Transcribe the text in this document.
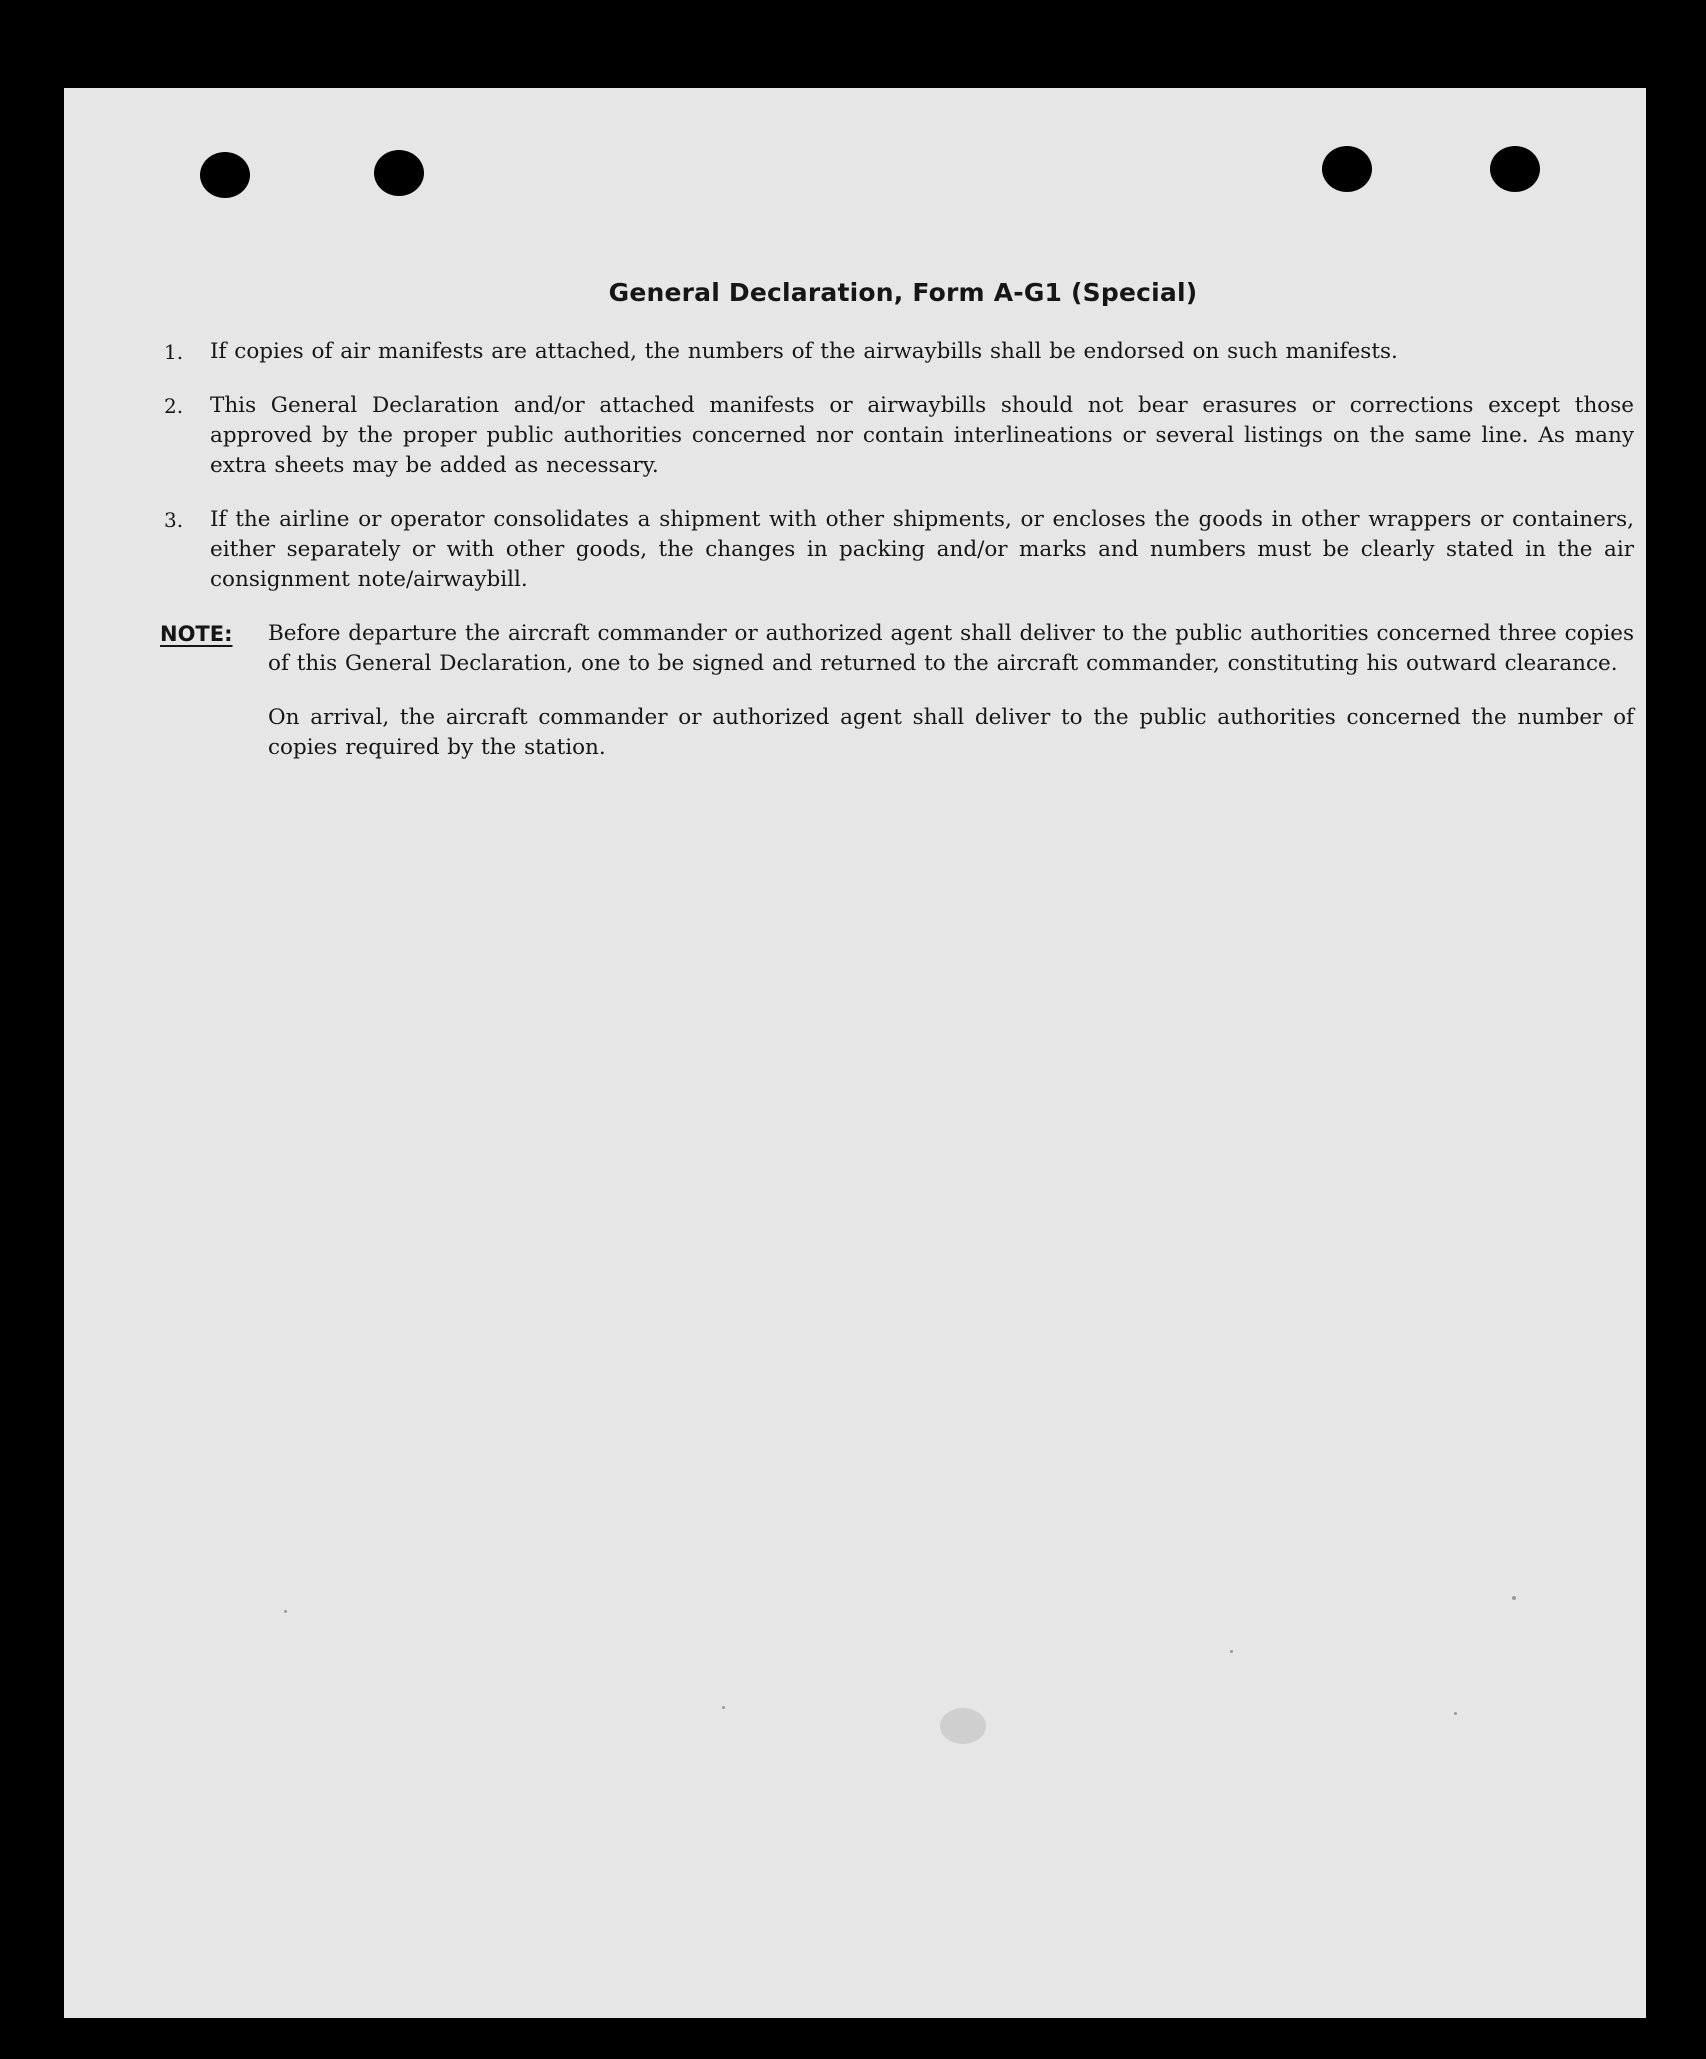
General Declaration, Form A-G1 (Special)
1. If copies of air manifests are attached, the numbers of the airwaybills shall be endorsed on such manifests.
2. This General Declaration and/or attached manifests or airwaybills should not bear erasures or corrections except those approved by the proper public authorities concerned nor contain interlineations or several listings on the same line. As many extra sheets may be added as necessary.
3. If the airline or operator consolidates a shipment with other shipments, or encloses the goods in other wrappers or containers, either separately or with other goods, the changes in packing and/or marks and numbers must be clearly stated in the air consignment note/airwaybill.
NOTE: Before departure the aircraft commander or authorized agent shall deliver to the public authorities concerned three copies of this General Declaration, one to be signed and returned to the aircraft commander, constituting his outward clearance.

On arrival, the aircraft commander or authorized agent shall deliver to the public authorities concerned the number of copies required by the station.
